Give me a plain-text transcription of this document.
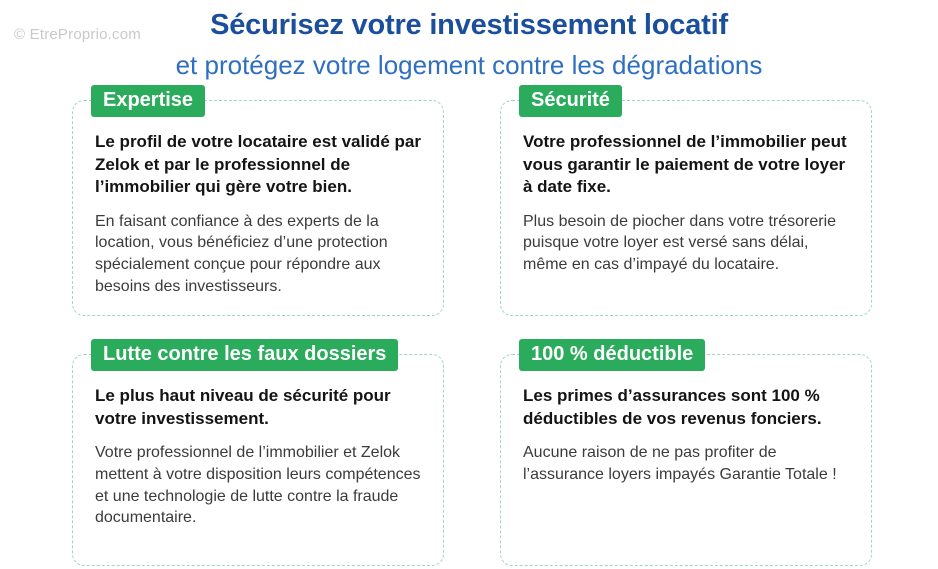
© EtreProprio.com	Sécurisez votre investissement locatif
et protégez votre logement contre les dégradations
Expertise

Le profil de votre locataire est validé par Zelok et par le professionnel de l’immobilier qui gère votre bien.

En faisant confiance à des experts de la location, vous bénéficiez d’une protection spécialement conçue pour répondre aux besoins des investisseurs.

Sécurité

Votre professionnel de l’immobilier peut vous garantir le paiement de votre loyer à date fixe.

Plus besoin de piocher dans votre trésorerie puisque votre loyer est versé sans délai, même en cas d’impayé du locataire.

Lutte contre les faux dossiers

Le plus haut niveau de sécurité pour votre investissement.

Votre professionnel de l’immobilier et Zelok mettent à votre disposition leurs compétences et une technologie de lutte contre la fraude documentaire.

100 % déductible

Les primes d’assurances sont 100 % déductibles de vos revenus fonciers.

Aucune raison de ne pas profiter de l’assurance loyers impayés Garantie Totale !
